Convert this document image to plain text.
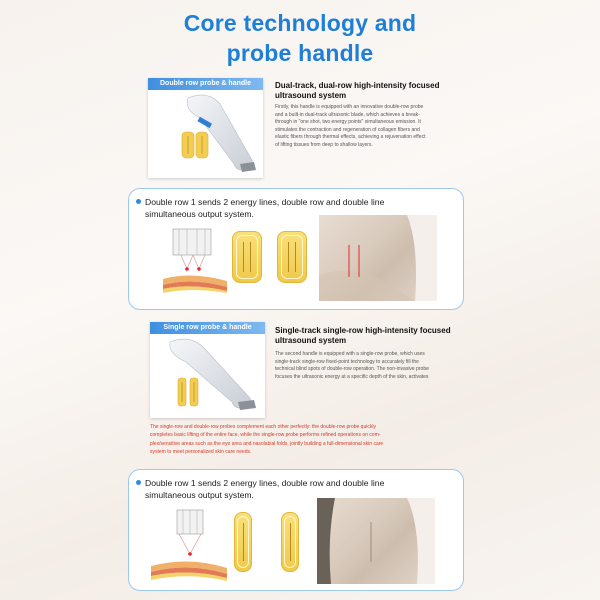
Core technology and
probe handle
Double row probe & handle	Dual-track, dual-row high-intensity focused
ultrasound system
Firstly, this handle is equipped with an innovative double-row probe
and a built-in dual-track ultrasonic blade, which achieves a break-
through in "one shot, two energy points" simultaneous emission. It
stimulates the contraction and regeneration of collagen fibers and
elastic fibers through thermal effects, achieving a rejuvenation effect
of lifting tissues from deep to shallow layers.
Double row 1 sends 2 energy lines, double row and double line
simultaneous output system.
Single row probe & handle	Single-track single-row high-intensity focused
ultrasound system
The second handle is equipped with a single-row probe, which uses
single-track single-row fixed-point technology to accurately fill the
technical blind spots of double-row operation. The non-invasive probe
focuses the ultrasonic energy at a specific depth of the skin, activates
The single-row and double-row probes complement each other perfectly: the double-row probe quickly
completes basic lifting of the entire face, while the single-row probe performs refined operations on com-
plex/sensitive areas such as the eye area and nasolabial folds, jointly building a full-dimensional skin care
system to meet personalized skin care needs.
Double row 1 sends 2 energy lines, double row and double line
simultaneous output system.
